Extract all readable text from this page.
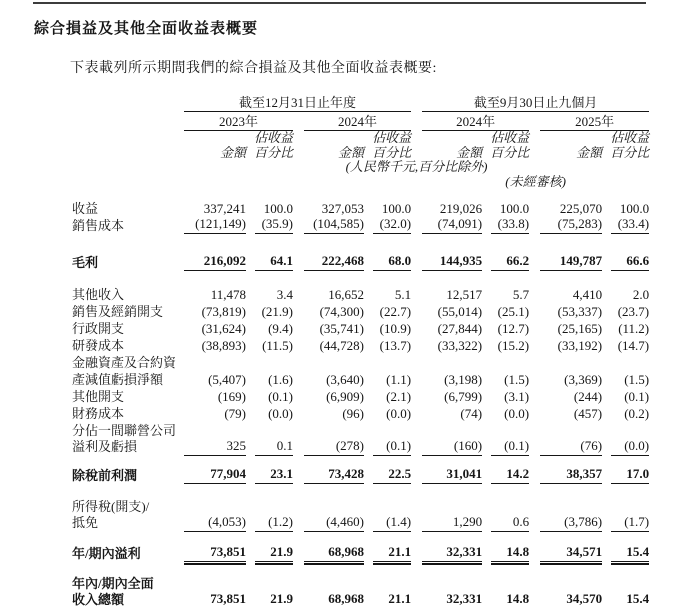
綜合損益及其他全面收益表概要

下表載列所示期間我們的綜合損益及其他全面收益表概要:

	截至12月31日止年度								截至9月30日止九個月						
	2023年				2024年				2024年				2025年		
		佔收益				佔收益				佔收益				佔收益	
	金額	百分比			金額	百分比			金額	百分比			金額	百分比	
	(人民幣千元,百分比除外)														
									(未經審核)						

收益	337,241		100.0		327,053		100.0		219,026		100.0		225,070		100.0
銷售成本	(121,149)		(35.9)		(104,585)		(32.0)		(74,091)		(33.8)		(75,283)		(33.4)

毛利	216,092		64.1		222,468		68.0		144,935		66.2		149,787		66.6

其他收入	11,478		3.4		16,652		5.1		12,517		5.7		4,410		2.0
銷售及經銷開支	(73,819)		(21.9)		(74,300)		(22.7)		(55,014)		(25.1)		(53,337)		(23.7)
行政開支	(31,624)		(9.4)		(35,741)		(10.9)		(27,844)		(12.7)		(25,165)		(11.2)
研發成本	(38,893)		(11.5)		(44,728)		(13.7)		(33,322)		(15.2)		(33,192)		(14.7)
金融資產及合約資															
產減值虧損淨額	(5,407)		(1.6)		(3,640)		(1.1)		(3,198)		(1.5)		(3,369)		(1.5)
其他開支	(169)		(0.1)		(6,909)		(2.1)		(6,799)		(3.1)		(244)		(0.1)
財務成本	(79)		(0.0)		(96)		(0.0)		(74)		(0.0)		(457)		(0.2)
分佔一間聯營公司															
溢利及虧損	325		0.1		(278)		(0.1)		(160)		(0.1)		(76)		(0.0)

除稅前利潤	77,904		23.1		73,428		22.5		31,041		14.2		38,357		17.0

所得稅(開支)/															
抵免	(4,053)		(1.2)		(4,460)		(1.4)		1,290		0.6		(3,786)		(1.7)

年/期內溢利	73,851		21.9		68,968		21.1		32,331		14.8		34,571		15.4

年內/期內全面															
收入總額	73,851		21.9		68,968		21.1		32,331		14.8		34,570		15.4
